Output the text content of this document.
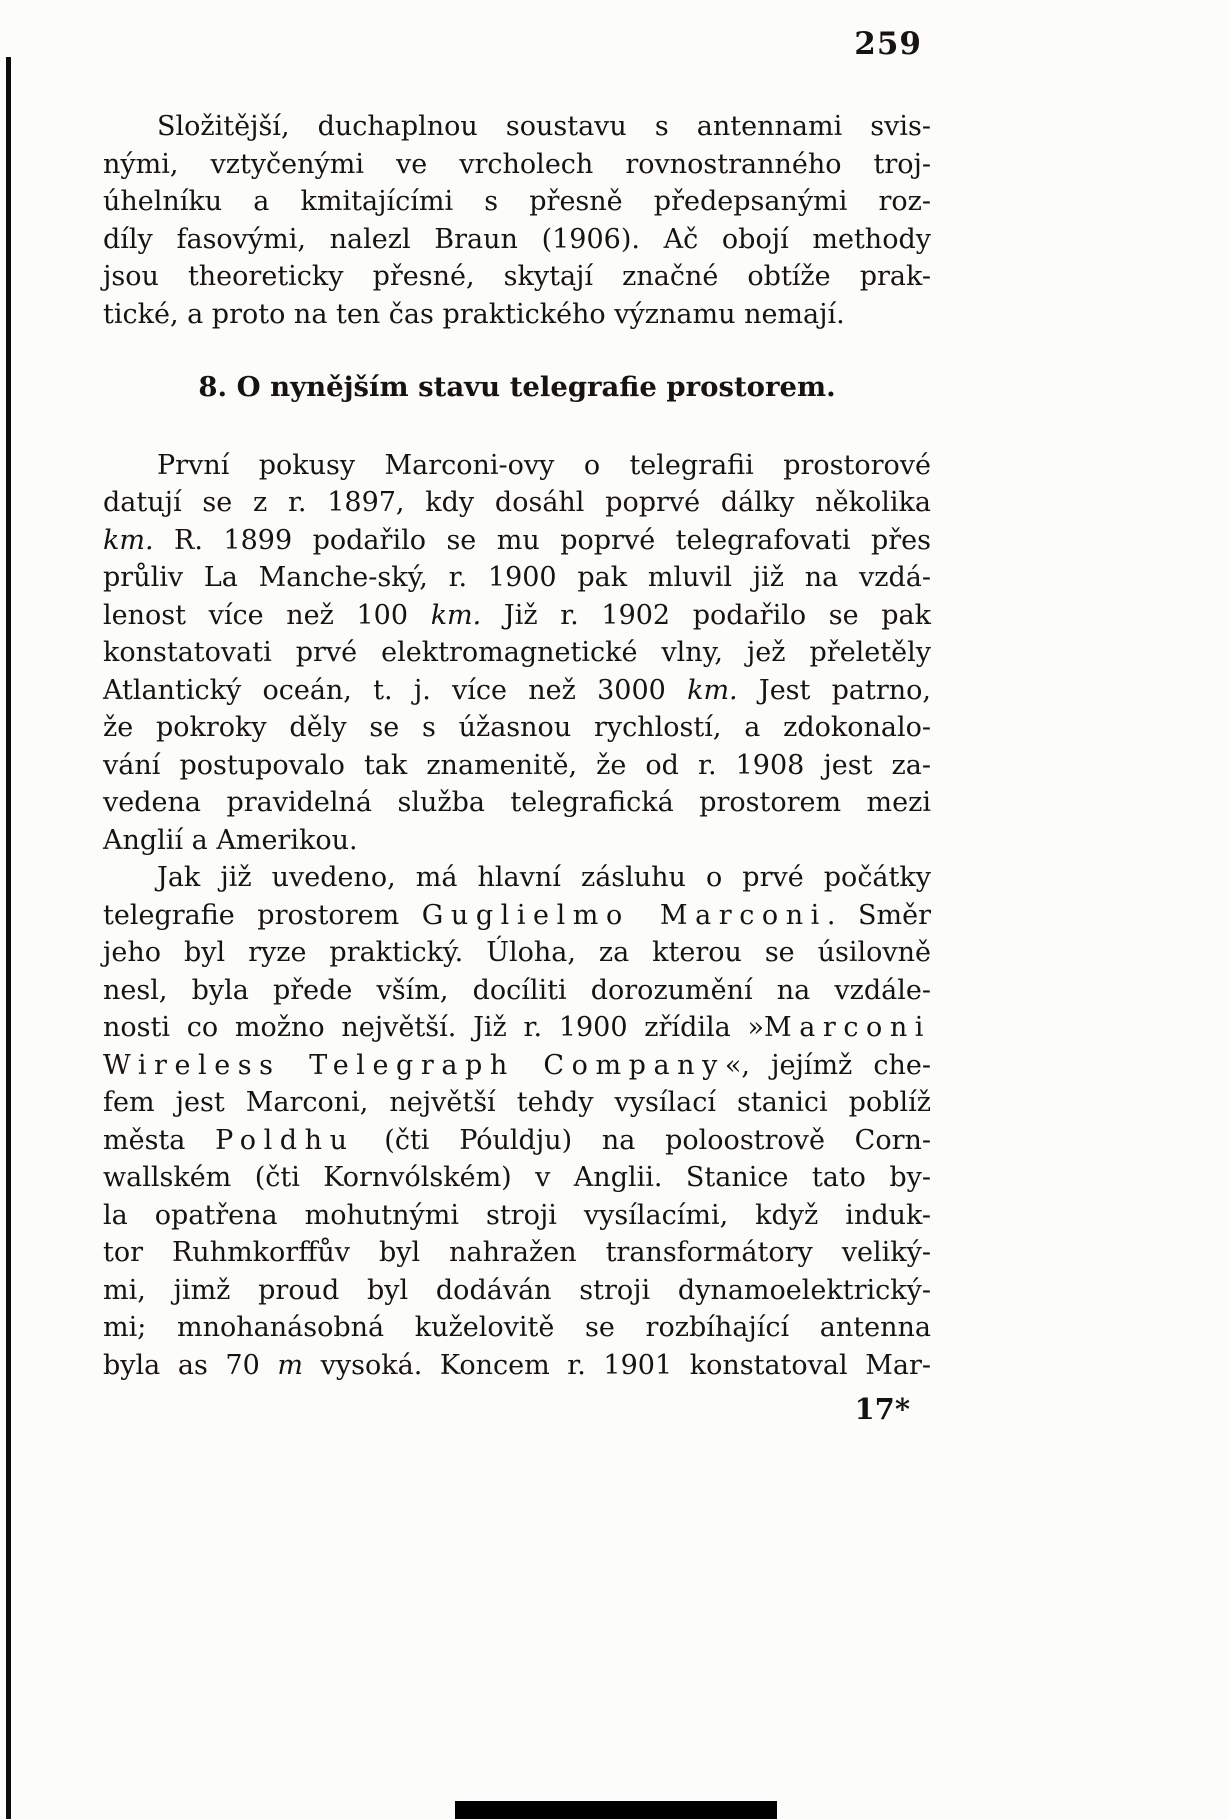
259
Složitější, duchaplnou soustavu s antennami svis-
nými, vztyčenými ve vrcholech rovnostranného troj-
úhelníku a kmitajícími s přesně předepsanými roz-
díly fasovými, nalezl Braun (1906). Ač obojí methody
jsou theoreticky přesné, skytají značné obtíže prak-
tické, a proto na ten čas praktického významu nemají.
8. O nynějším stavu telegrafie prostorem.
První pokusy Marconi-ovy o telegrafii prostorové
datují se z r. 1897, kdy dosáhl poprvé dálky několika
km. R. 1899 podařilo se mu poprvé telegrafovati přes
průliv La Manche-ský, r. 1900 pak mluvil již na vzdá-
lenost více než 100 km. Již r. 1902 podařilo se pak
konstatovati prvé elektromagnetické vlny, jež přeletěly
Atlantický oceán, t. j. více než 3000 km. Jest patrno,
že pokroky děly se s úžasnou rychlostí, a zdokonalo-
vání postupovalo tak znamenitě, že od r. 1908 jest za-
vedena pravidelná služba telegrafická prostorem mezi
Anglií a Amerikou.
Jak již uvedeno, má hlavní zásluhu o prvé počátky
telegrafie prostorem Guglielmo Marconi. Směr
jeho byl ryze praktický. Úloha, za kterou se úsilovně
nesl, byla přede vším, docíliti dorozumění na vzdále-
nosti co možno největší. Již r. 1900 zřídila »Marconi
Wireless Telegraph Company«, jejímž che-
fem jest Marconi, největší tehdy vysílací stanici poblíž
města Poldhu (čti Póuldju) na poloostrově Corn-
wallském (čti Kornvólském) v Anglii. Stanice tato by-
la opatřena mohutnými stroji vysílacími, když induk-
tor Ruhmkorffův byl nahražen transformátory veliký-
mi, jimž proud byl dodáván stroji dynamoelektrický-
mi; mnohanásobná kuželovitě se rozbíhající antenna
byla as 70 m vysoká. Koncem r. 1901 konstatoval Mar-
17*
